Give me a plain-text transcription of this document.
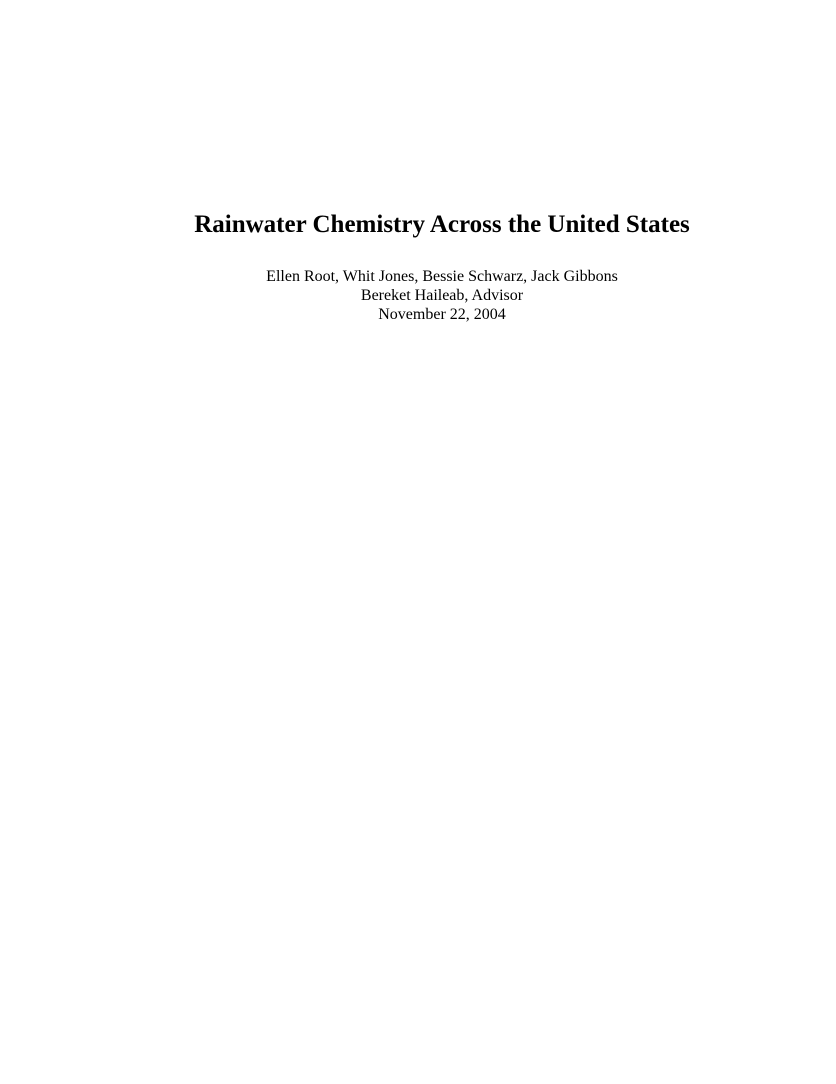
Rainwater Chemistry Across the United States
Ellen Root, Whit Jones, Bessie Schwarz, Jack Gibbons
Bereket Haileab, Advisor
November 22, 2004
